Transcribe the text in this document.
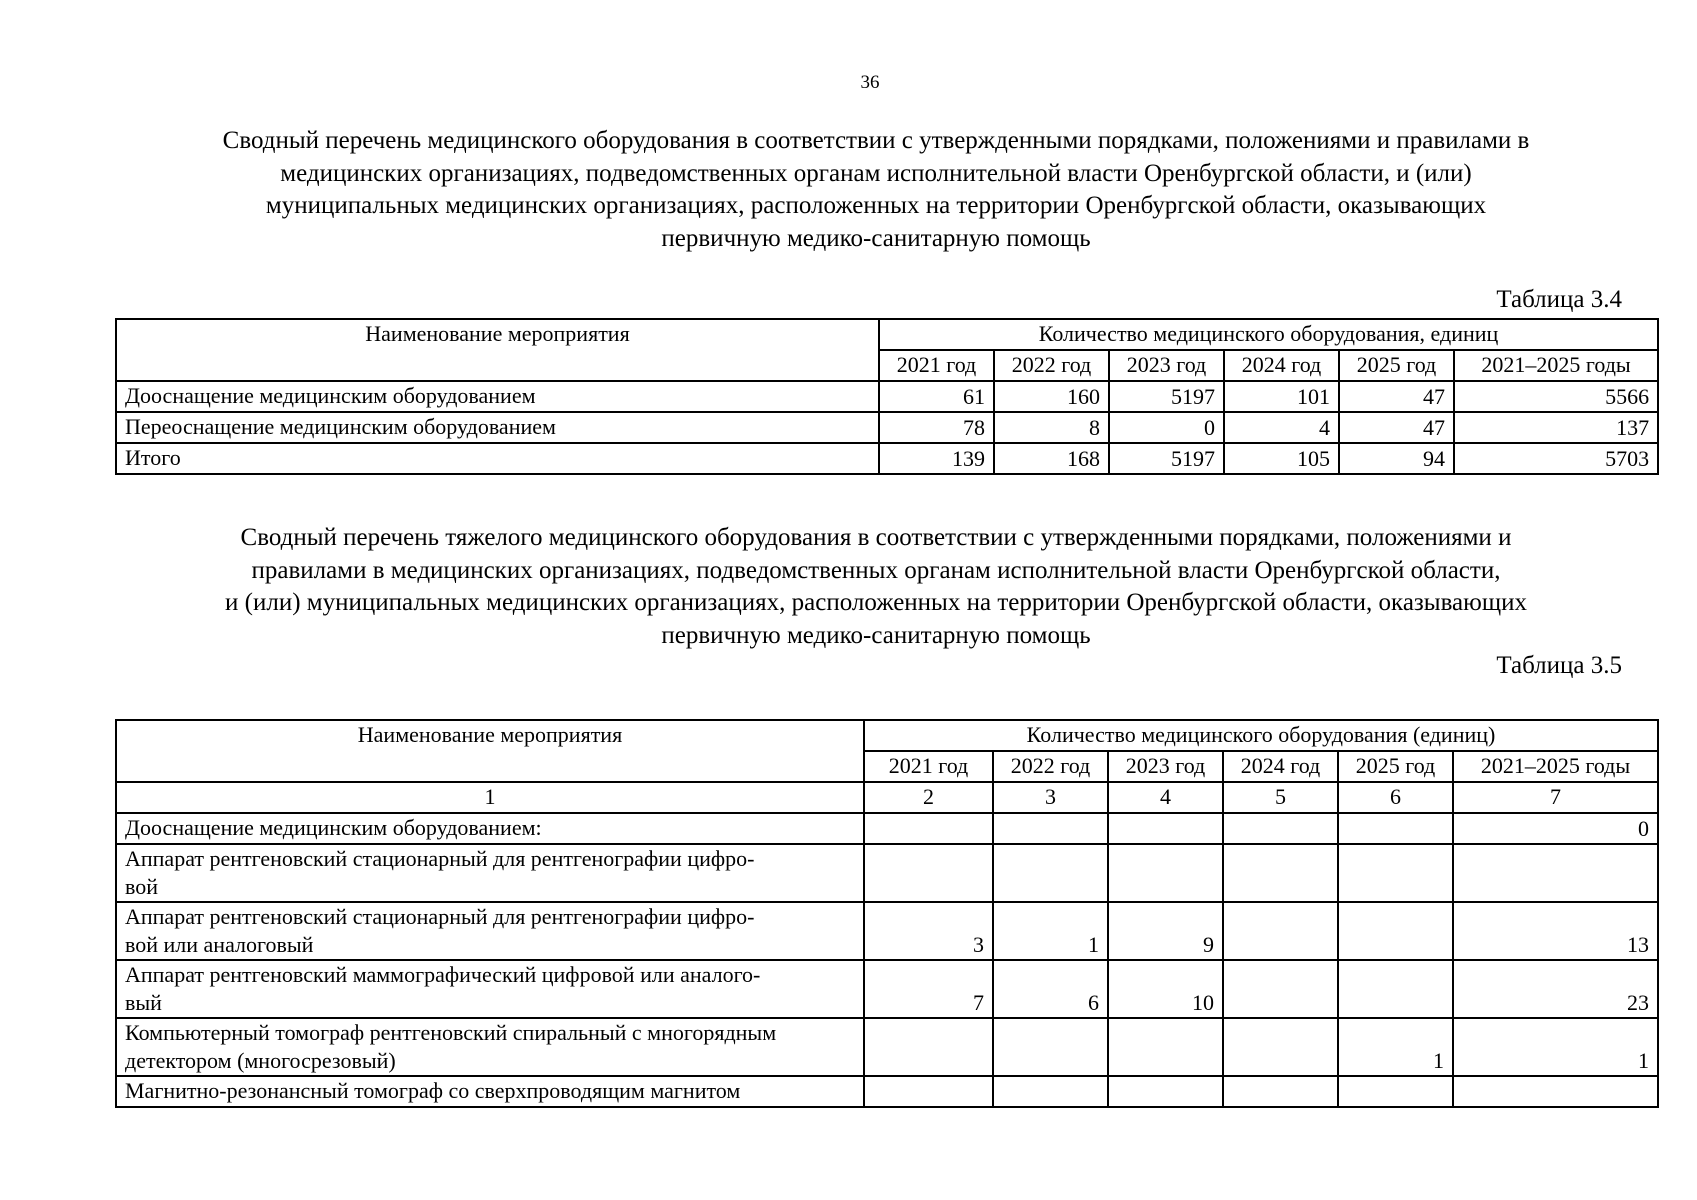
36
Сводный перечень медицинского оборудования в соответствии с утвержденными порядками, положениями и правилами в
медицинских организациях, подведомственных органам исполнительной власти Оренбургской области, и (или)
муниципальных медицинских организациях, расположенных на территории Оренбургской области, оказывающих
первичную медико-санитарную помощь
Таблица 3.4
Наименование мероприятия	Количество медицинского оборудования, единиц					
	2021 год	2022 год	2023 год	2024 год	2025 год	2021–2025 годы
Дооснащение медицинским оборудованием	61	160	5197	101	47	5566
Переоснащение медицинским оборудованием	78	8	0	4	47	137
Итого	139	168	5197	105	94	5703
Сводный перечень тяжелого медицинского оборудования в соответствии с утвержденными порядками, положениями и
правилами в медицинских организациях, подведомственных органам исполнительной власти Оренбургской области,
и (или) муниципальных медицинских организациях, расположенных на территории Оренбургской области, оказывающих
первичную медико-санитарную помощь
Таблица 3.5
Наименование мероприятия	Количество медицинского оборудования (единиц)					
	2021 год	2022 год	2023 год	2024 год	2025 год	2021–2025 годы
1	2	3	4	5	6	7
Дооснащение медицинским оборудованием:						0
Аппарат рентгеновский стационарный для рентгенографии цифро-
вой						
Аппарат рентгеновский стационарный для рентгенографии цифро-
вой или аналоговый	3	1	9			13
Аппарат рентгеновский маммографический цифровой или аналого-
вый	7	6	10			23
Компьютерный томограф рентгеновский спиральный с многорядным
детектором (многосрезовый)					1	1
Магнитно-резонансный томограф со сверхпроводящим магнитом						
